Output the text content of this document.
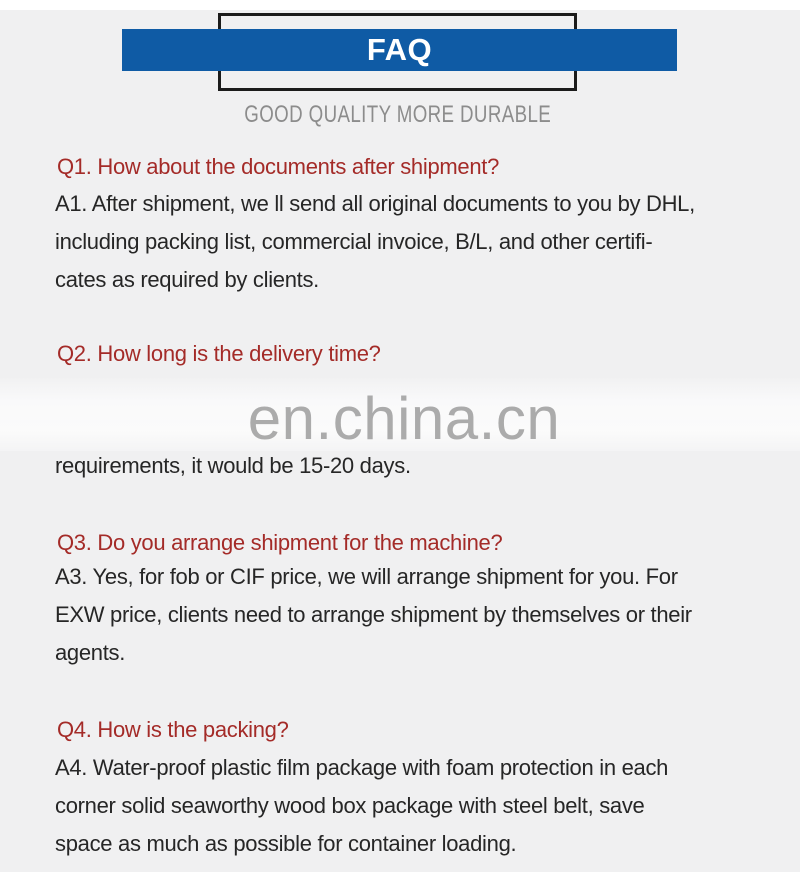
FAQ
GOOD QUALITY MORE DURABLE
Q1. How about the documents after shipment?
A1. After shipment, we ll send all original documents to you by DHL,
including packing list, commercial invoice, B/L, and other certifi-
cates as required by clients.
Q2. How long is the delivery time?
requirements, it would be 15-20 days.
en.china.cn
Q3. Do you arrange shipment for the machine?
A3. Yes, for fob or CIF price, we will arrange shipment for you. For
EXW price, clients need to arrange shipment by themselves or their
agents.
Q4. How is the packing?
A4. Water-proof plastic film package with foam protection in each
corner solid seaworthy wood box package with steel belt, save
space as much as possible for container loading.
